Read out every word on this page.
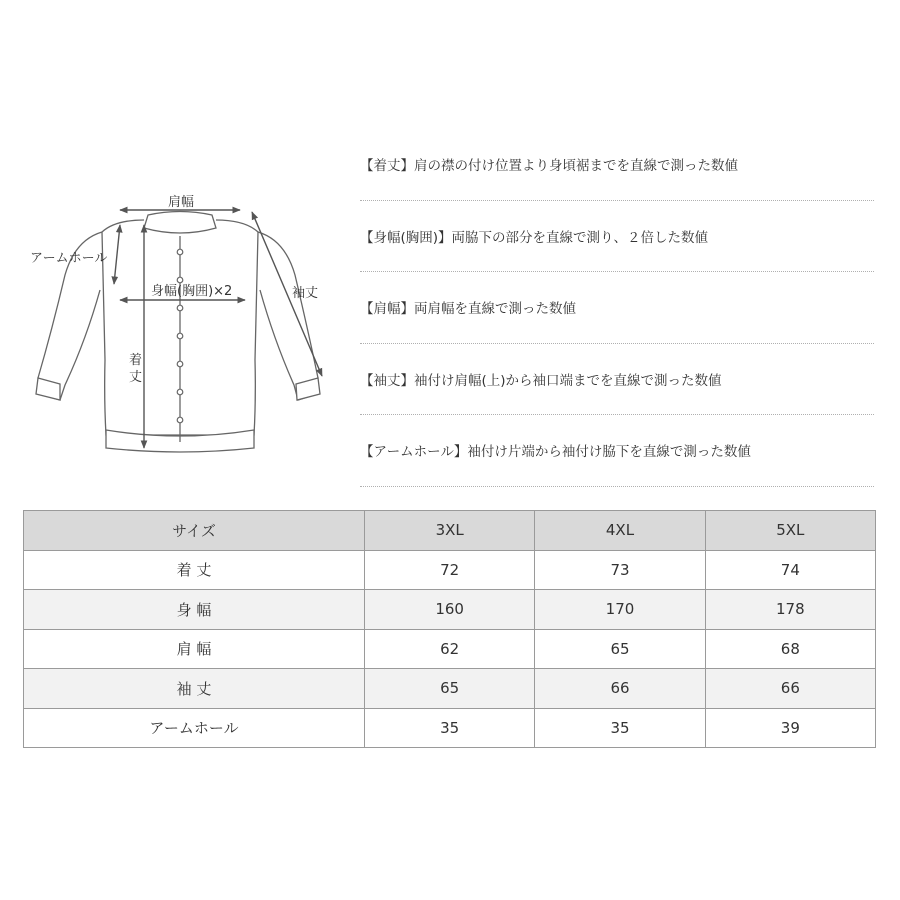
肩幅
アームホール
袖丈
身幅(胸囲)×2
着
丈
【着丈】肩の襟の付け位置より身頃裾までを直線で測った数値
【身幅(胸囲)】両脇下の部分を直線で測り、２倍した数値
【肩幅】両肩幅を直線で測った数値
【袖丈】袖付け肩幅(上)から袖口端までを直線で測った数値
【アームホール】袖付け片端から袖付け脇下を直線で測った数値
サイズ	3XL	4XL	5XL
着 丈	72	73	74
身 幅	160	170	178
肩 幅	62	65	68
袖 丈	65	66	66
アームホール	35	35	39
